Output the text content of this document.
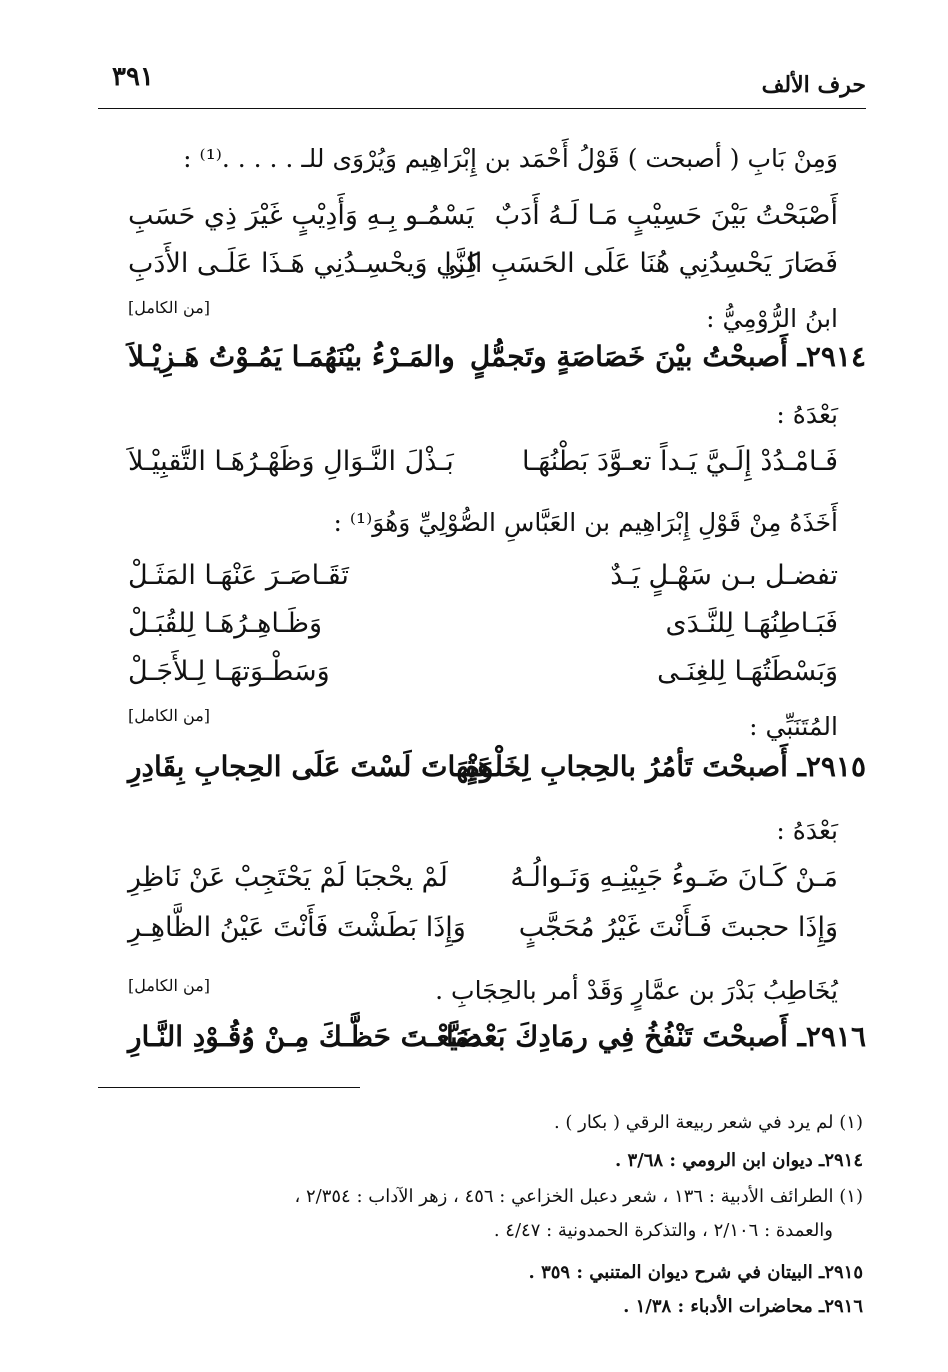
حرف الألف
٣٩١
وَمِنْ بَابِ ( أصبحت ) قَوْلُ أَحْمَد بن إِبْرَاهِيم وَيُرْوَى للـ . . . . .⁽¹⁾ :
أَصْبَحْتُ بَيْنَ حَسِيْبٍ مَـا لَـهُ أَدَبٌ
يَسْمُـو بِـهِ وَأَدِيْبٍ غَيْرَ ذِي حَسَبِ
فَصَارَ يَحْسِدُنِي هُنَا عَلَى الحَسَبِ الزَّا
كِـي وَيحْسِـدُنِي هَـذَا عَلَـى الأَدَبِ
ابنُ الرُّوْمِيُّ :
[من الكامل]
٢٩١٤ـ أَصبحْتُ بيْنَ خَصَاصَةٍ وتَجمُّلٍ
والمَـرْءُ بيْنَهُمَـا يَمُـوْتُ هَـزِيْـلاَ
بَعْدَهُ :
فَـامْـدُدْ إِلَـيَّ يَـداً تعـوَّدَ بَطْنُهَـا
بَـذْلَ النَّـوَالِ وَظَهْـرُهَـا التَّقبِيْـلاَ
أَخَذَهُ مِنْ قَوْلِ إِبْرَاهِيم بن العَبَّاسِ الصُّوْلِيِّ وَهُوَ⁽¹⁾ :
تفضـل بـن سَهْـلٍ يَـدٌ
تَقَـاصَـرَ عَنْهَـا المَثَـلْ
فَبَـاطِنُهَـا لِلنَّـدَى
وَظَـاهِـرُهَـا لِلقُبَـلْ
وَبَسْطَتُهَـا لِلغِنَـى
وَسَطْـوَتهَـا لِـلأَجَـلْ
المُتَنَبِّي :
[من الكامل]
٢٩١٥ـ أَصبحْتَ تَأمُرُ بالحِجابِ لِخَلْوَةٍ
هَيْهَاتَ لَسْتَ عَلَى الحِجابِ بِقَادِرِ
بَعْدَهُ :
مَـنْ كَـانَ ضَـوءُ جَبِيْنِـهِ وَنَـوالُـهُ
لَمْ يحْجبَا لَمْ يَحْتَجِبْ عَنْ نَاظِرِ
وَإِذَا حجبتَ فَـأَنْتَ غَيْرُ مُحَجَّبٍ
وَإِذَا بَطَشْتَ فَأَنْتَ عَيْنُ الظَّاهِـرِ
يُخَاطِبُ بَدْرَ بن عمَّارٍ وَقَدْ أمر بالحِجَابِ .
[من الكامل]
٢٩١٦ـ أَصبحْتَ تَنْفُخُ فِي رمَادِكَ بَعْدمَا
ضَيَّعْـتَ حَظَّـكَ مِـنْ وُقُـوْدِ النَّـارِ
(١) لم يرد في شعر ربيعة الرقي ( بكار ) .
٢٩١٤ـ ديوان ابن الرومي : ٣/٦٨ .
(١) الطرائف الأدبية : ١٣٦ ، شعر دعبل الخزاعي : ٤٥٦ ، زهر الآداب : ٢/٣٥٤ ،
والعمدة : ٢/١٠٦ ، والتذكرة الحمدونية : ٤/٤٧ .
٢٩١٥ـ البيتان في شرح ديوان المتنبي : ٣٥٩ .
٢٩١٦ـ محاضرات الأدباء : ١/٣٨ .
